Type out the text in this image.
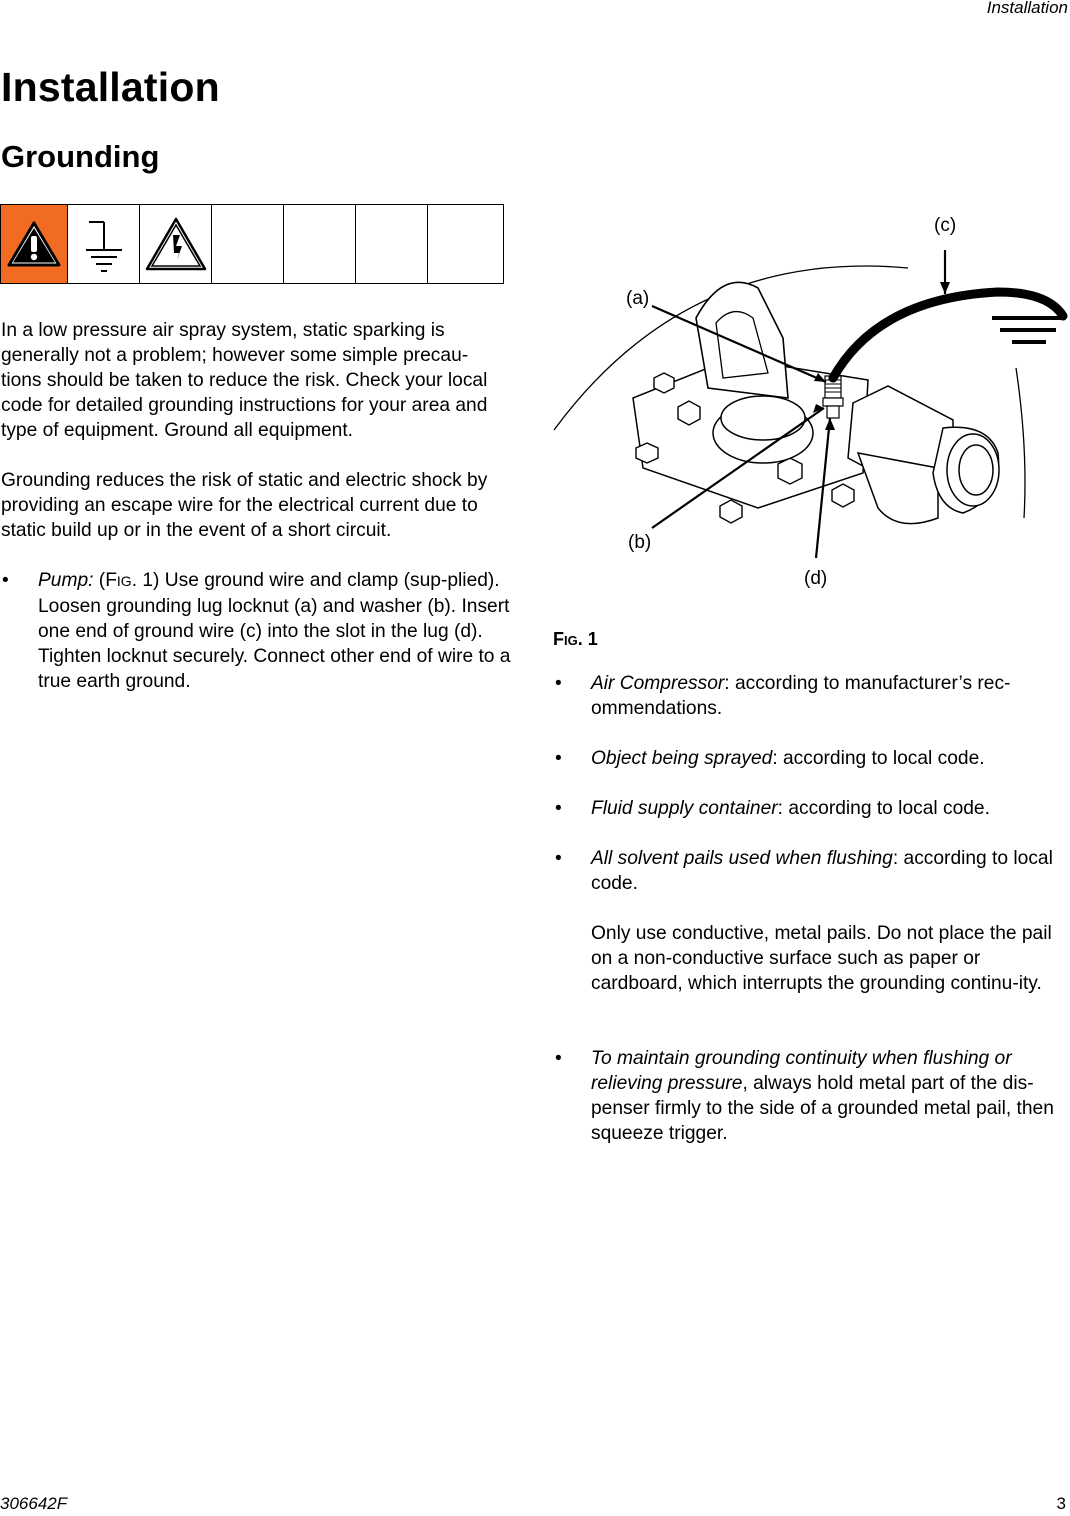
Installation
Installation
Grounding
In a low pressure air spray system, static sparking is generally not a problem; however some simple precau-tions should be taken to reduce the risk. Check your local code for detailed grounding instructions for your area and type of equipment. Ground all equipment.
Grounding reduces the risk of static and electric shock by providing an escape wire for the electrical current due to static build up or in the event of a short circuit.
•	Pump: (FIG. 1) Use ground wire and clamp (sup-plied). Loosen grounding lug locknut (a) and washer (b). Insert one end of ground wire (c) into the slot in the lug (d). Tighten locknut securely. Connect other end of wire to a true earth ground.
(a)
(b)
(c)
(d)
FIG. 1
•	Air Compressor: according to manufacturer’s rec-ommendations.
•	Object being sprayed: according to local code.
•	Fluid supply container: according to local code.
•	All solvent pails used when flushing: according to local code.
Only use conductive, metal pails. Do not place the pail on a non-conductive surface such as paper or cardboard, which interrupts the grounding continu-ity.
•	To maintain grounding continuity when flushing or relieving pressure, always hold metal part of the dis-penser firmly to the side of a grounded metal pail, then squeeze trigger.
306642F	3
